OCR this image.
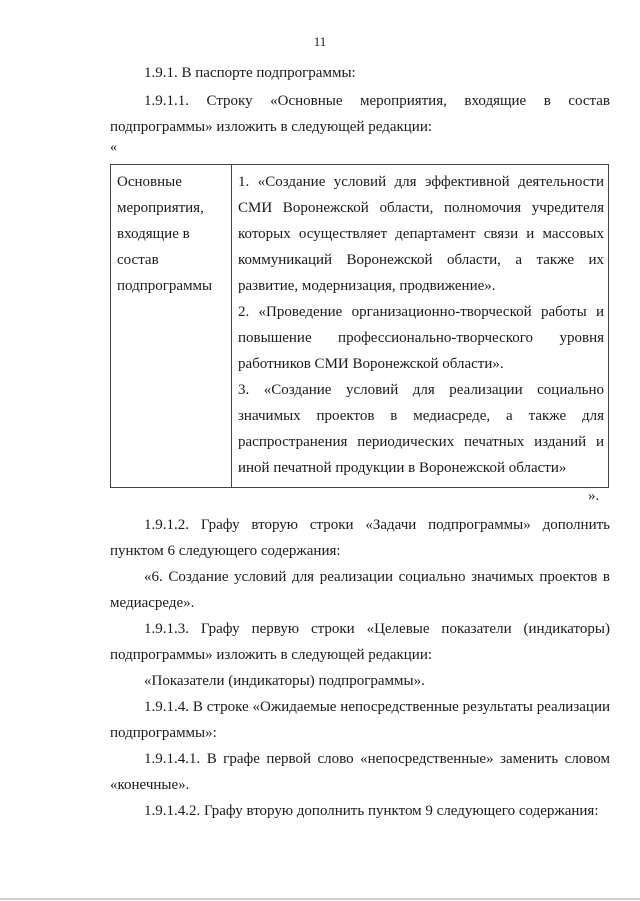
11
1.9.1. В паспорте подпрограммы:
1.9.1.1. Строку «Основные мероприятия, входящие в состав подпрограммы» изложить в следующей редакции:
«
Основные
мероприятия,
входящие в
состав
подпрограммы

1. «Создание условий для эффективной деятельности СМИ Воронежской области, полномочия учредителя которых осуществляет департамент связи и массовых коммуникаций Воронежской области, а также их развитие, модернизация, продвижение».

2. «Проведение организационно-творческой работы и повышение профессионально-творческого уровня работников СМИ Воронежской области».

3. «Создание условий для реализации социально значимых проектов в медиасреде, а также для распространения периодических печатных изданий и иной печатной продукции в Воронежской области»

».
1.9.1.2. Графу вторую строки «Задачи подпрограммы» дополнить пунктом 6 следующего содержания:
«6. Создание условий для реализации социально значимых проектов в медиасреде».
1.9.1.3. Графу первую строки «Целевые показатели (индикаторы) подпрограммы» изложить в следующей редакции:
«Показатели (индикаторы) подпрограммы».
1.9.1.4. В строке «Ожидаемые непосредственные результаты реализации подпрограммы»:
1.9.1.4.1. В графе первой слово «непосредственные» заменить словом «конечные».
1.9.1.4.2. Графу вторую дополнить пунктом 9 следующего содержания:
